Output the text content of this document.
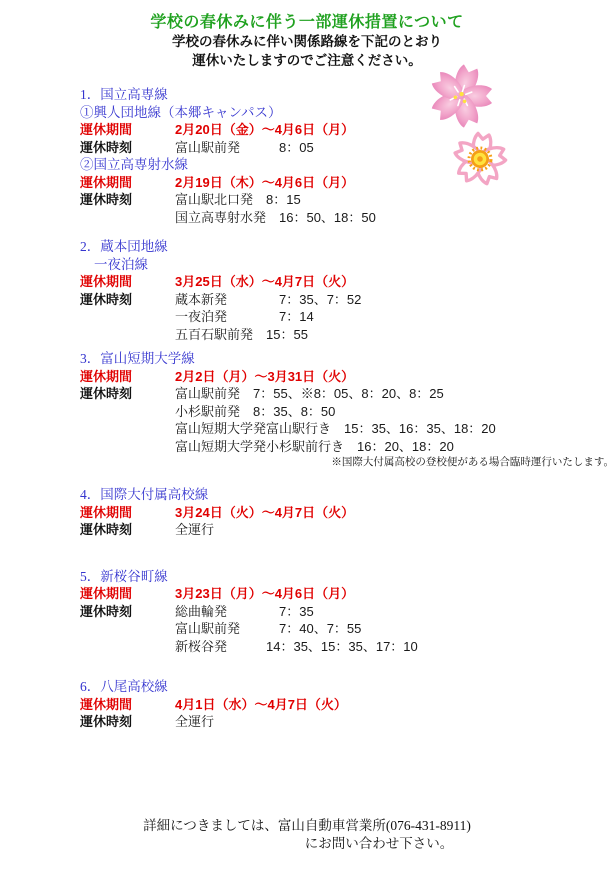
学校の春休みに伴う一部運休措置について
学校の春休みに伴い関係路線を下記のとおり
運休いたしますのでご注意ください。
1．国立高専線
①興人団地線（本郷キャンパス）
運休期間	2月20日（金）～4月6日（月）
運休時刻	富山駅前発　　　8：05
②国立高専射水線
運休期間	2月19日（木）～4月6日（月）
運休時刻	富山駅北口発　8：15
国立高専射水発　16：50、18：50
2．蔵本団地線
一夜泊線
運休期間	3月25日（水）～4月7日（火）
運休時刻	蔵本新発　　　　7：35、7：52
一夜泊発　　　　7：14
五百石駅前発　15：55
3．富山短期大学線
運休期間	2月2日（月）～3月31日（火）
運休時刻	富山駅前発　7：55、※8：05、8：20、8：25
小杉駅前発　8：35、8：50
富山短期大学発富山駅行き　15：35、16：35、18：20
富山短期大学発小杉駅前行き　16：20、18：20
※国際大付属高校の登校便がある場合臨時運行いたします。
4．国際大付属高校線
運休期間	3月24日（火）～4月7日（火）
運休時刻	全運行
5．新桜谷町線
運休期間	3月23日（月）～4月6日（月）
運休時刻	総曲輪発　　　　7：35
富山駅前発　　　7：40、7：55
新桜谷発　　　14：35、15：35、17：10
6．八尾高校線
運休期間	4月1日（水）～4月7日（火）
運休時刻	全運行
詳細につきましては、富山自動車営業所(076-431-8911)
にお問い合わせ下さい。
